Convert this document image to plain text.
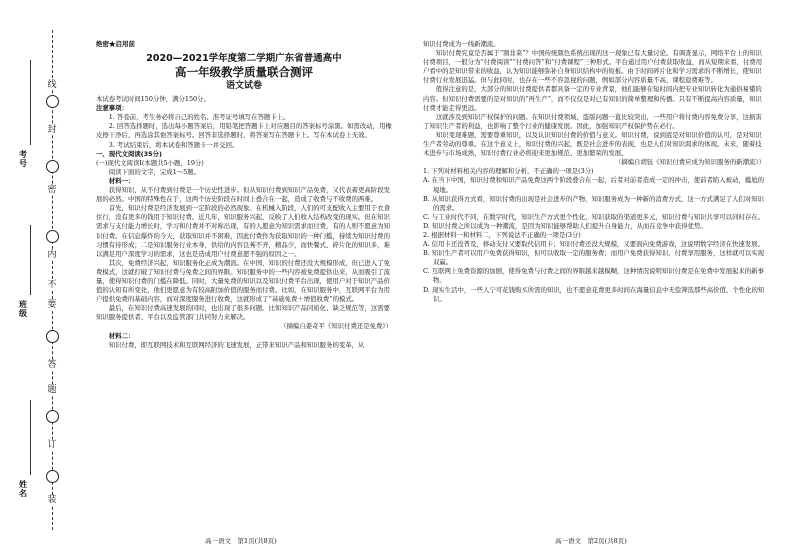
线
封
密
内
不
要
答
题
订
装
姓名
班级
考号
绝密★启用前
2020—2021学年度第二学期广东省普通高中
高一年级教学质量联合测评
语文试卷

本试卷考试时间150分钟，满分150分。

注意事项：

1. 答卷前，考生务必将自己的姓名、准考证号填写在答题卡上。

2. 回答选择题时，选出每小题答案后，用铅笔把答题卡上对应题目的答案标号涂黑。如需改动，用橡皮擦干净后，再选涂其他答案标号。回答非选择题时，将答案写在答题卡上。写在本试卷上无效。

3. 考试结束后，将本试卷和答题卡一并交回。

一、现代文阅读(35分)

(一)现代文阅读Ⅰ(本题共5小题，19分)

阅读下面的文字，完成1～5题。

材料一：

获得知识，从不付费到付费是一个历史性进步。但从知识付费到知识产品免费，又代表着更高阶段发展的必然。中国的特殊性在于，这两个历史阶段在时间上叠合在一起，造成了收费与不收费的两难。

首先，知识付费是经济发展到一定阶段的必然现象。在机械入阶段，人们的可支配收入主要用于衣食住行，没有更多的钱用于知识付费。近几年，知识服务兴起，反映了人们收入结构改变的现实。但在知识需求与支付能力增长时，学习和付费并不对称出现，有的人愿意为知识需求而付费，有的人则不愿意为知识付费。在信息爆炸的今天，获取知识并不困难，因此付费作为获取知识的一种门槛，持续为知识付费的习惯有待形成；二是知识服务行业本身，供给的内容良莠不齐，精品少，而快餐式、碎片化的知识多，难以满足用户深度学习的需求，这也是造成用户付费意愿不强的原因之一。

其次，免费经济兴起，知识服务化正成为潮流。在中国，知识的付费还没大规模形成，但已进入了免费模式，这就打破了知识付费与免费之间的界限。知识服务中的一些内容被免费提供出来，从而吸引了流量，使得知识付费的门槛在降低。同时，大量免费的知识以及知识付费平台出现，使用户对于知识产品价值的认知有所变化，他们更愿意为有较高附加价值的服务而付费。比如，在知识服务中，互联网平台为用户提供免费的基础内容，而对深度服务进行收费，这就形成了“基础免费＋增值收费”的模式。

最后，在知识付费高速发展的同时，也出现了很多问题。比如知识产品同质化、缺乏规范等，这需要知识服务提供者、平台以及监管部门共同努力来解决。

（摘编自姜奇平《知识付费还是免费》）

材料二：

知识付费，即互联网技术和互联网经济的飞速发展，正带来知识产品和知识服务的变革，从

知识付费成为一线新潮流。

知识付费究竟是否属于“割韭菜”？中国传统颜色系统出现的这一现象已有大量讨论。有调查显示，网络平台上的知识付费项目，一般分为“付费阅读”“付费问答”和“付费课程”三种形式。平台通过用户付费获取收益，而从短期来看，付费用户看中的是知识带来的收益，认为知识能够弥补自身知识结构中的短板。由于时间碎片化和学习需求的不断增长，使知识付费行业发展迅猛。但与此同时，也存在一些不容忽视的问题，例如部分内容质量不高、课程退费难等。

值得注意的是，大部分的知识付费提供者都具备一定的专业背景，他们能够在短时间内把专业知识转化为通俗易懂的内容。但知识付费需要的是对知识的“再生产”，而不仅仅是对已有知识的简单整理和传播。只有不断提高内容质量，知识付费才能走得更远。

这就涉及到知识产权保护的问题。在知识付费领域，盗版问题一直比较突出，一些用户将付费内容免费分享，这损害了知识生产者的利益，也影响了整个行业的健康发展。因此，加强知识产权保护势在必行。

知识变现难题，需要尊重知识，以及认识知识付费的价值与意义。知识付费，说到底是对知识价值的认可，是对知识生产者劳动的尊重。在这个意义上，知识付费的兴起，既是社会进步的表现，也是人们对知识渴求的体现。未来，随着技术进步与市场成熟，知识付费行业必将迎来更加规范、更加繁荣的发展。

（摘编自胡钰《知识付费应成为知识服务的新潮流》）

1. 下列对材料相关内容的理解和分析，不正确的一项是(3分)

A. 在当下中国，知识付费和知识产品免费这两个阶段叠合在一起，后者对前者造成一定的冲击，使前者陷入被动、尴尬的境地。

B. 从知识获得方式看，知识付费的出现是社会进步的产物，知识服务成为一种新的消费方式，这一方式满足了人们对知识的需求。

C. 与工业时代不同，在数字时代，知识生产方式更个性化，知识获取的渠道更多元，知识付费与知识共享可以同时存在。

D. 知识付费之所以成为一种潮流，是因为知识能够帮助人们提升自身能力，从而在竞争中获得优势。

2. 根据材料一和材料二，下列说法不正确的一项是(3分)

A. 信用卡还没普及，移动支付又要取代信用卡；知识付费还没大规模，又要面向免费游戏，这说明数字经济在快速发展。

B. 知识生产者可以用户免费获得知识，但可以收取一定的服务费；而用户免费获得知识，付费享用服务，这样就可以实现双赢。

C. 互联网上免费资源的加剧，使得免费与付费之间的界限越来越模糊，这种情况说明知识付费是在免费中发展起来的新事物。

D. 现实生活中，一些人宁可花钱购买所需的知识，也不愿意花费更多时间在海量信息中无偿筛选那些高价值、个性化的知识。

高一语文　第1页(共8页)	高一语文　第2页(共8页)
